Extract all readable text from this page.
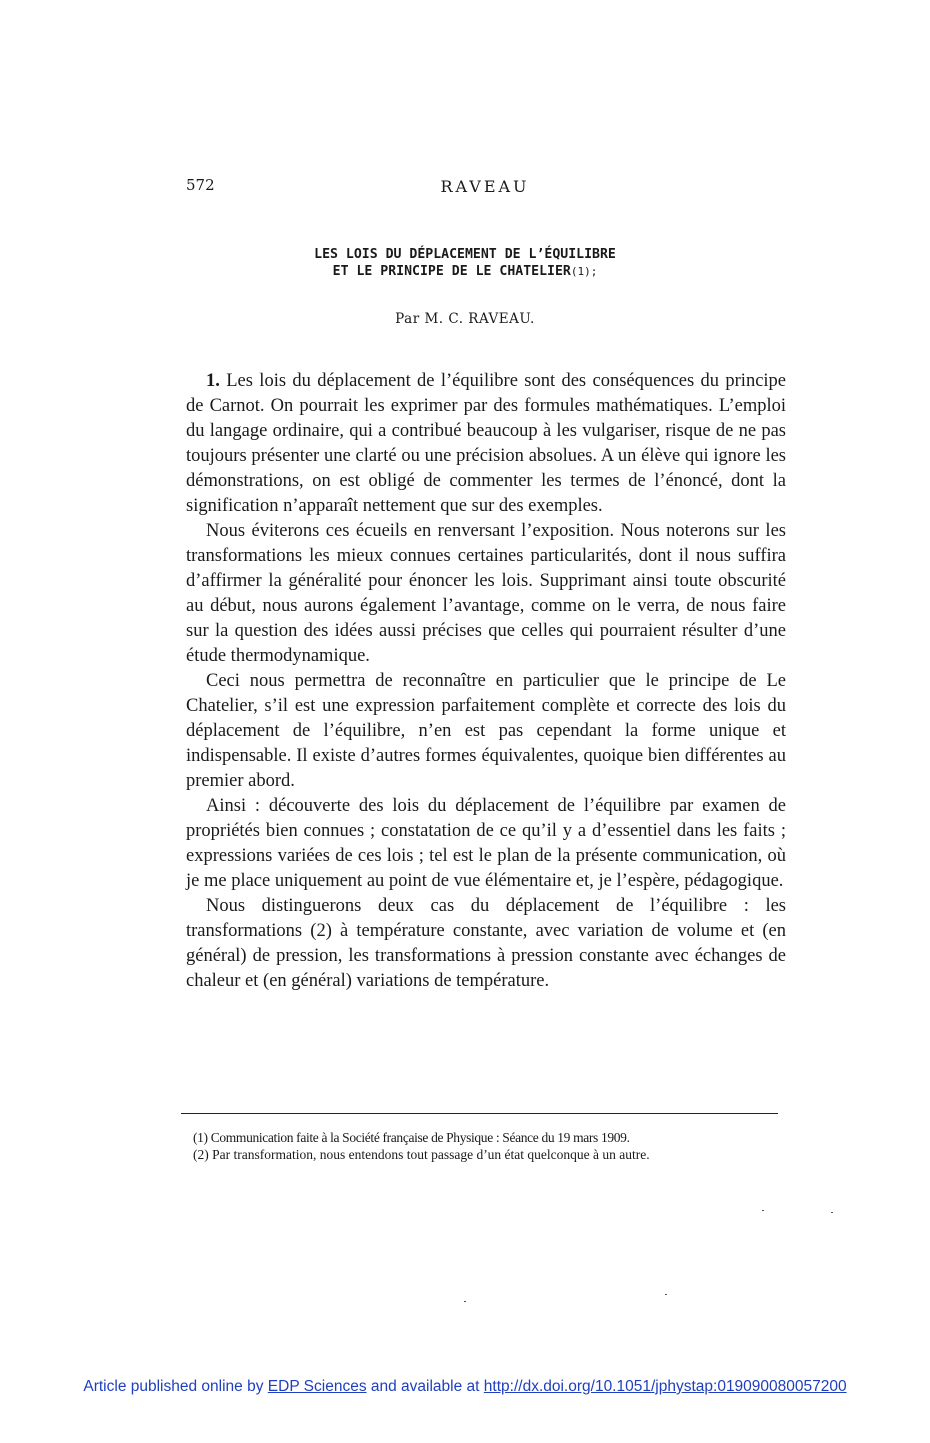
572	RAVEAU
LES LOIS DU DÉPLACEMENT DE L’ÉQUILIBRE
ET LE PRINCIPE DE LE CHATELIER(1);
Par M. C. RAVEAU.

1. Les lois du déplacement de l’équilibre sont des conséquences du principe de Carnot. On pourrait les exprimer par des formules mathématiques. L’emploi du langage ordinaire, qui a contribué beaucoup à les vulgariser, risque de ne pas toujours présenter une clarté ou une précision absolues. A un élève qui ignore les démonstrations, on est obligé de commenter les termes de l’énoncé, dont la signification n’apparaît nettement que sur des exemples.

Nous éviterons ces écueils en renversant l’exposition. Nous noterons sur les transformations les mieux connues certaines particularités, dont il nous suffira d’affirmer la généralité pour énoncer les lois. Supprimant ainsi toute obscurité au début, nous aurons également l’avantage, comme on le verra, de nous faire sur la question des idées aussi précises que celles qui pourraient résulter d’une étude thermodynamique.

Ceci nous permettra de reconnaître en particulier que le principe de Le Chatelier, s’il est une expression parfaitement complète et correcte des lois du déplacement de l’équilibre, n’en est pas cependant la forme unique et indispensable. Il existe d’autres formes équivalentes, quoique bien différentes au premier abord.

Ainsi : découverte des lois du déplacement de l’équilibre par examen de propriétés bien connues ; constatation de ce qu’il y a d’essentiel dans les faits ; expressions variées de ces lois ; tel est le plan de la présente communication, où je me place uniquement au point de vue élémentaire et, je l’espère, pédagogique.

Nous distinguerons deux cas du déplacement de l’équilibre : les transformations (2) à température constante, avec variation de volume et (en général) de pression, les transformations à pression constante avec échanges de chaleur et (en général) variations de température.

(1) Communication faite à la Société française de Physique : Séance du 19 mars 1909.

(2) Par transformation, nous entendons tout passage d’un état quelconque à un autre.

Article published online by EDP Sciences and available at http://dx.doi.org/10.1051/jphystap:019090080057200
